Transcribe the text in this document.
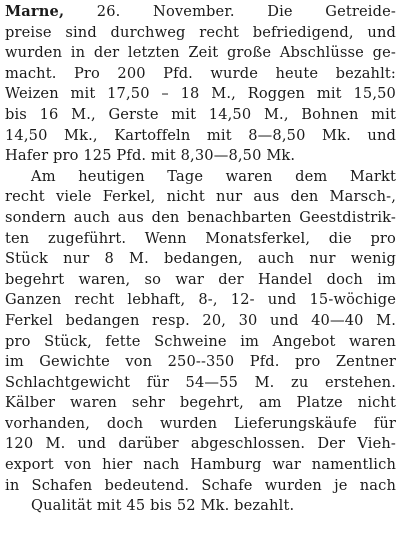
Marne, 26. November. Die Getreide-
preise sind durchweg recht befriedigend, und
wurden in der letzten Zeit große Abschlüsse ge-
macht. Pro 200 Pfd. wurde heute bezahlt:
Weizen mit 17,50 – 18 M., Roggen mit 15,50
bis 16 M., Gerste mit 14,50 M., Bohnen mit
14,50 Mk., Kartoffeln mit 8—8,50 Mk. und
Hafer pro 125 Pfd. mit 8,30—8,50 Mk.
Am heutigen Tage waren dem Markt
recht viele Ferkel, nicht nur aus den Marsch-,
sondern auch aus den benachbarten Geestdistrik-
ten zugeführt. Wenn Monatsferkel, die pro
Stück nur 8 M. bedangen, auch nur wenig
begehrt waren, so war der Handel doch im
Ganzen recht lebhaft, 8-, 12- und 15-wöchige
Ferkel bedangen resp. 20, 30 und 40—40 M.
pro Stück, fette Schweine im Angebot waren
im Gewichte von 250--350 Pfd. pro Zentner
Schlachtgewicht für 54—55 M. zu erstehen.
Kälber waren sehr begehrt, am Platze nicht
vorhanden, doch wurden Lieferungskäufe für
120 M. und darüber abgeschlossen. Der Vieh-
export von hier nach Hamburg war namentlich
in Schafen bedeutend. Schafe wurden je nach
Qualität mit 45 bis 52 Mk. bezahlt.
